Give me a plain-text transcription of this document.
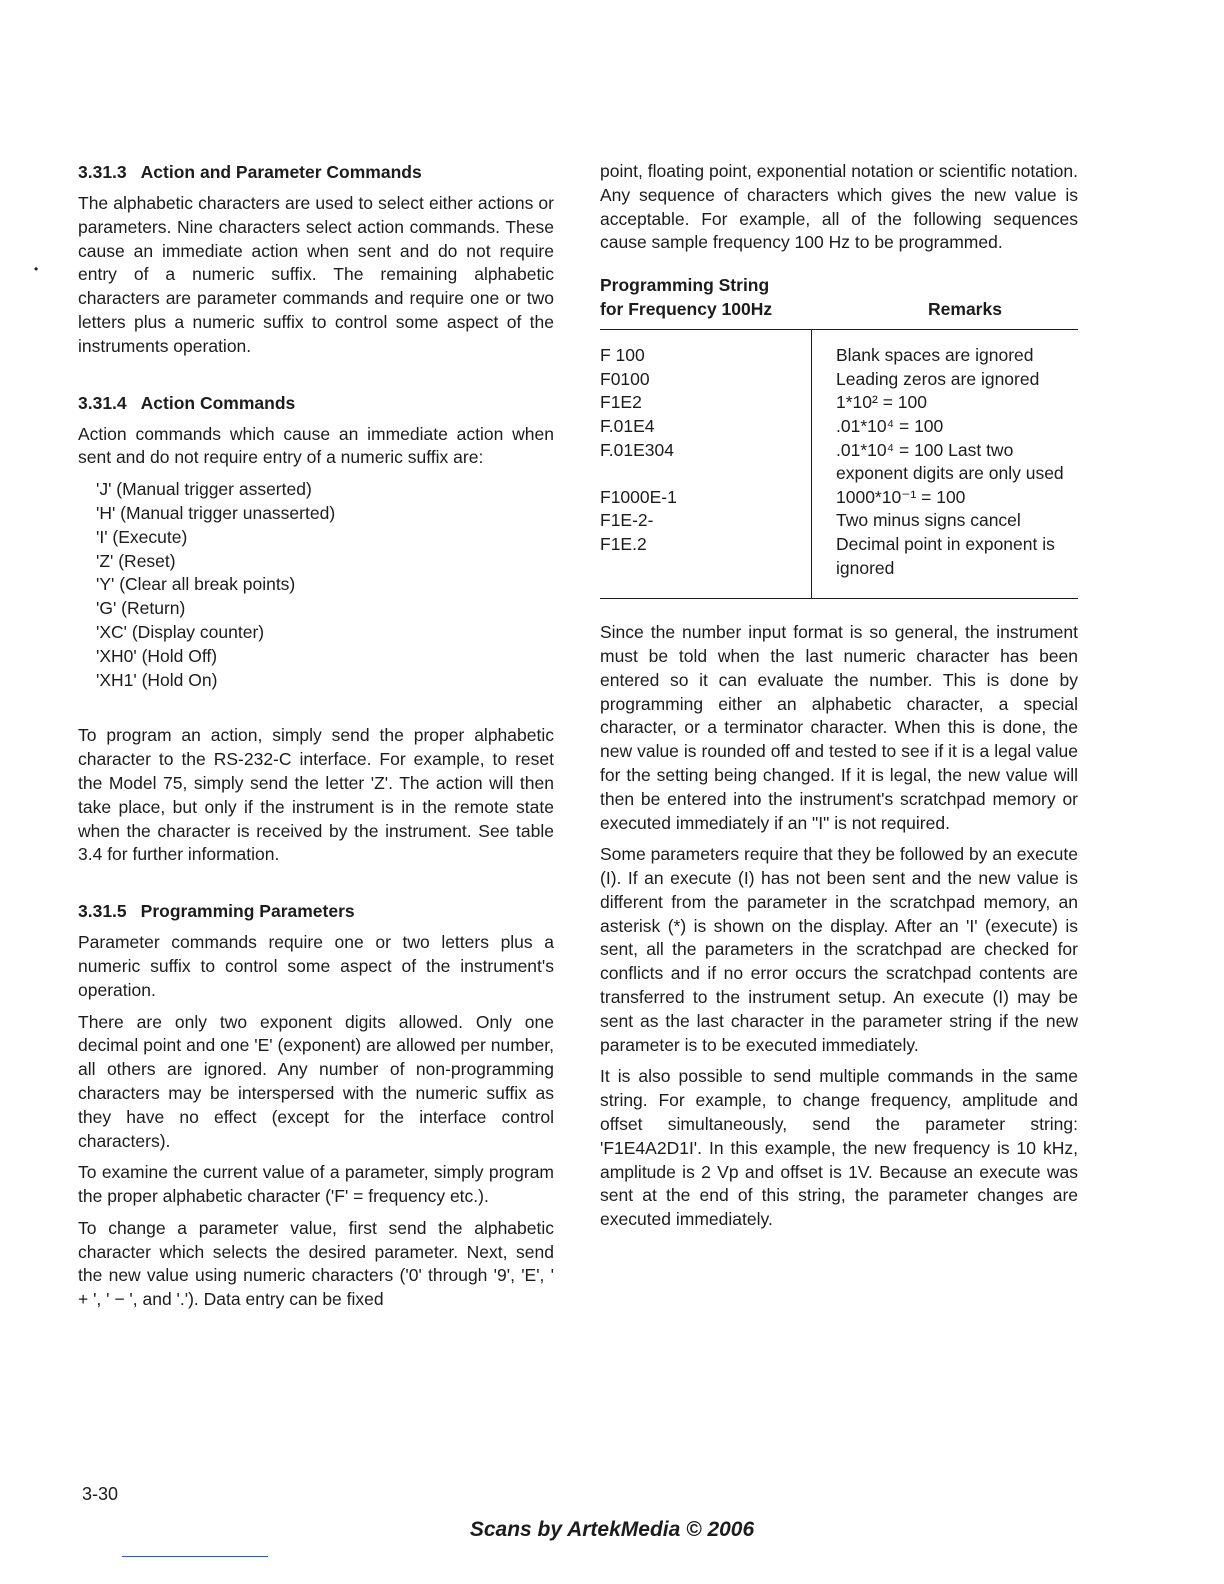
•
3.31.3 Action and Parameter Commands

The alphabetic characters are used to select either actions or parameters. Nine characters select action commands. These cause an immediate action when sent and do not require entry of a numeric suffix. The remaining alphabetic characters are parameter commands and require one or two letters plus a numeric suffix to control some aspect of the instruments operation.

3.31.4 Action Commands

Action commands which cause an immediate action when sent and do not require entry of a numeric suffix are:

'J' (Manual trigger asserted)
'H' (Manual trigger unasserted)
'I' (Execute)
'Z' (Reset)
'Y' (Clear all break points)
'G' (Return)
'XC' (Display counter)
'XH0' (Hold Off)
'XH1' (Hold On)

To program an action, simply send the proper alphabetic character to the RS-232-C interface. For example, to reset the Model 75, simply send the letter 'Z'. The action will then take place, but only if the instrument is in the remote state when the character is received by the instrument. See table 3.4 for further information.

3.31.5 Programming Parameters

Parameter commands require one or two letters plus a numeric suffix to control some aspect of the instrument's operation.

There are only two exponent digits allowed. Only one decimal point and one 'E' (exponent) are allowed per number, all others are ignored. Any number of non-programming characters may be interspersed with the numeric suffix as they have no effect (except for the interface control characters).

To examine the current value of a parameter, simply program the proper alphabetic character ('F' = frequency etc.).

To change a parameter value, first send the alphabetic character which selects the desired parameter. Next, send the new value using numeric characters ('0' through '9', 'E', ' + ', ' − ', and '.'). Data entry can be fixed

point, floating point, exponential notation or scientific notation. Any sequence of characters which gives the new value is acceptable. For example, all of the following sequences cause sample frequency 100 Hz to be programmed.

Programming String
for Frequency 100Hz	Remarks
F 100	Blank spaces are ignored
F0100	Leading zeros are ignored
F1E2	1*10² = 100
F.01E4	.01*10⁴ = 100
F.01E304	.01*10⁴ = 100 Last two exponent digits are only used
F1000E-1	1000*10⁻¹ = 100
F1E-2-	Two minus signs cancel
F1E.2	Decimal point in exponent is ignored

Since the number input format is so general, the instrument must be told when the last numeric character has been entered so it can evaluate the number. This is done by programming either an alphabetic character, a special character, or a terminator character. When this is done, the new value is rounded off and tested to see if it is a legal value for the setting being changed. If it is legal, the new value will then be entered into the instrument's scratchpad memory or executed immediately if an "I" is not required.

Some parameters require that they be followed by an execute (I). If an execute (I) has not been sent and the new value is different from the parameter in the scratchpad memory, an asterisk (*) is shown on the display. After an 'I' (execute) is sent, all the parameters in the scratchpad are checked for conflicts and if no error occurs the scratchpad contents are transferred to the instrument setup. An execute (I) may be sent as the last character in the parameter string if the new parameter is to be executed immediately.

It is also possible to send multiple commands in the same string. For example, to change frequency, amplitude and offset simultaneously, send the parameter string: 'F1E4A2D1I'. In this example, the new frequency is 10 kHz, amplitude is 2 Vp and offset is 1V. Because an execute was sent at the end of this string, the parameter changes are executed immediately.

3-30
Scans by ArtekMedia © 2006
